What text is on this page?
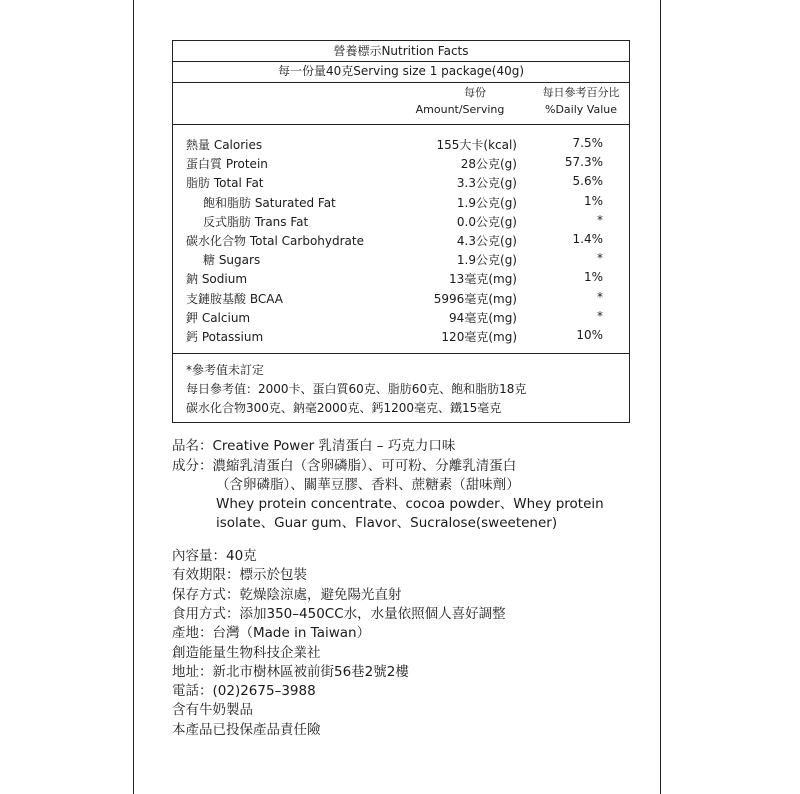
營養標示Nutrition Facts
每一份量40克Serving size 1 package(40g)
每份
Amount/Serving
每日參考百分比
%Daily Value
熱量 Calories	155大卡(kcal)	7.5%
蛋白質 Protein	28公克(g)	57.3%
脂肪 Total Fat	3.3公克(g)	5.6%
飽和脂肪 Saturated Fat	1.9公克(g)	1%
反式脂肪 Trans Fat	0.0公克(g)	*
碳水化合物 Total Carbohydrate	4.3公克(g)	1.4%
糖 Sugars	1.9公克(g)	*
鈉 Sodium	13毫克(mg)	1%
支鏈胺基酸 BCAA	5996毫克(mg)	*
鉀 Calcium	94毫克(mg)	*
鈣 Potassium	120毫克(mg)	10%
*參考值未訂定
每日參考值：2000卡、蛋白質60克、脂肪60克、飽和脂肪18克
碳水化合物300克、鈉毫2000克、鈣1200毫克、鐵15毫克
品名：Creative Power 乳清蛋白 – 巧克力口味
成分：濃縮乳清蛋白（含卵磷脂）、可可粉、分離乳清蛋白
（含卵磷脂）、關華豆膠、香料、蔗糖素（甜味劑）
Whey protein concentrate、cocoa powder、Whey protein
isolate、Guar gum、Flavor、Sucralose(sweetener)
內容量：40克
有效期限：標示於包裝
保存方式：乾燥陰涼處，避免陽光直射
食用方式：添加350–450CC水，水量依照個人喜好調整
產地：台灣（Made in Taiwan）
創造能量生物科技企業社
地址：新北市樹林區被前街56巷2號2樓
電話：(02)2675–3988
含有牛奶製品
本產品已投保產品責任險
